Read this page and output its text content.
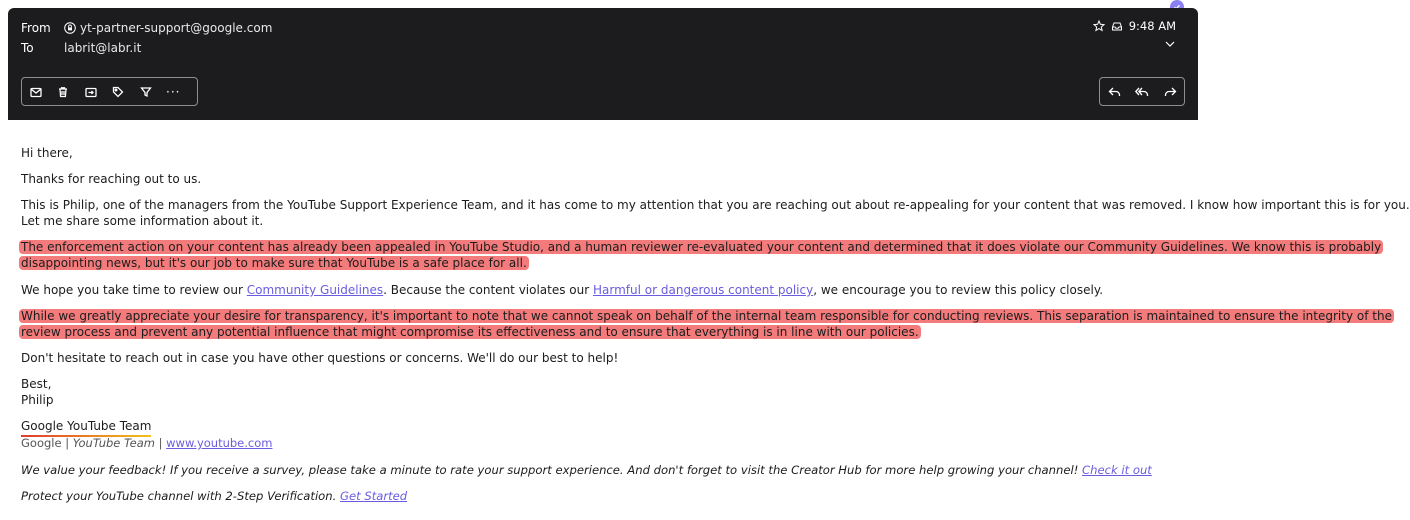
From	yt-partner-support@google.com
To	labrit@labr.it
9:48 AM
···
Hi there,
Thanks for reaching out to us.
This is Philip, one of the managers from the YouTube Support Experience Team, and it has come to my attention that you are reaching out about re-appealing for your content that was removed. I know how important this is for you.
Let me share some information about it.
The enforcement action on your content has already been appealed in YouTube Studio, and a human reviewer re-evaluated your content and determined that it does violate our Community Guidelines. We know this is probably
disappointing news, but it's our job to make sure that YouTube is a safe place for all.
We hope you take time to review our Community Guidelines. Because the content violates our Harmful or dangerous content policy, we encourage you to review this policy closely.
While we greatly appreciate your desire for transparency, it's important to note that we cannot speak on behalf of the internal team responsible for conducting reviews. This separation is maintained to ensure the integrity of the
review process and prevent any potential influence that might compromise its effectiveness and to ensure that everything is in line with our policies.
Don't hesitate to reach out in case you have other questions or concerns. We'll do our best to help!
Best,
Philip
Google YouTube Team
Google | YouTube Team | www.youtube.com
We value your feedback! If you receive a survey, please take a minute to rate your support experience. And don't forget to visit the Creator Hub for more help growing your channel! Check it out
Protect your YouTube channel with 2-Step Verification. Get Started
